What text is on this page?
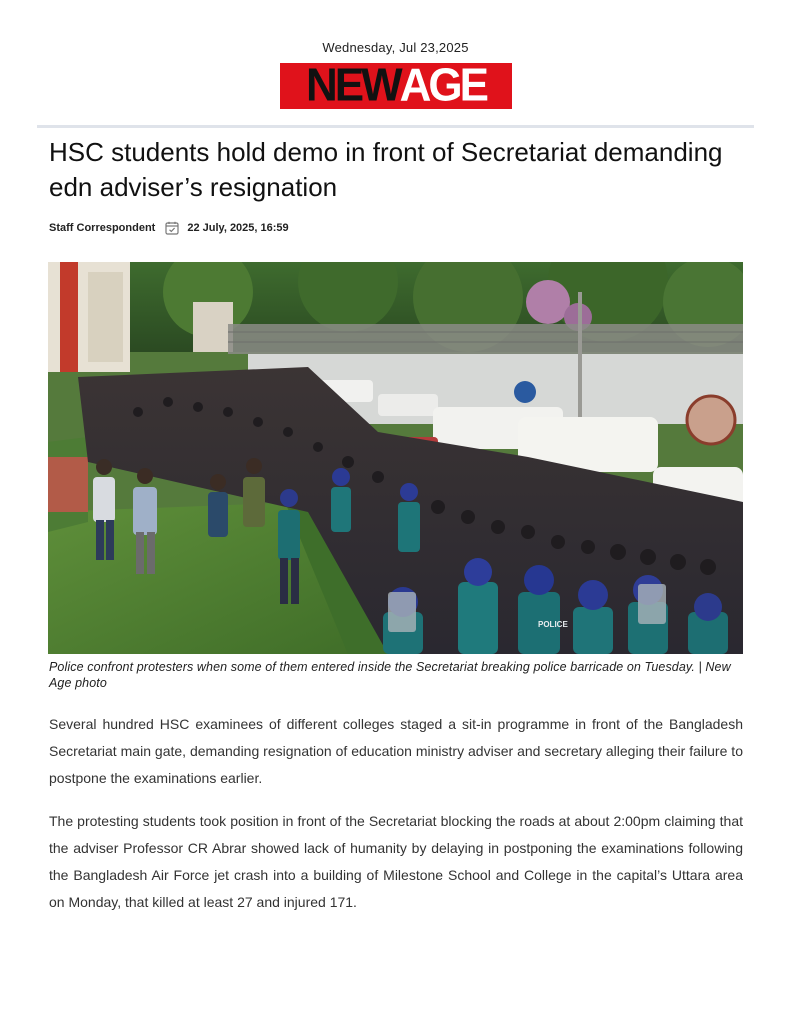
Wednesday, Jul 23,2025
NEW AGE
HSC students hold demo in front of Secretariat demanding edn adviser’s resignation
Staff Correspondent	22 July, 2025, 16:59
POLICE
Police confront protesters when some of them entered inside the Secretariat breaking police barricade on Tuesday. | New Age photo

Several hundred HSC examinees of different colleges staged a sit-in programme in front of the Bangladesh Secretariat main gate, demanding resignation of education ministry adviser and secretary alleging their failure to postpone the examinations earlier.

The protesting students took position in front of the Secretariat blocking the roads at about 2:00pm claiming that the adviser Professor CR Abrar showed lack of humanity by delaying in postponing the examinations following the Bangladesh Air Force jet crash into a building of Milestone School and College in the capital’s Uttara area on Monday, that killed at least 27 and injured 171.
